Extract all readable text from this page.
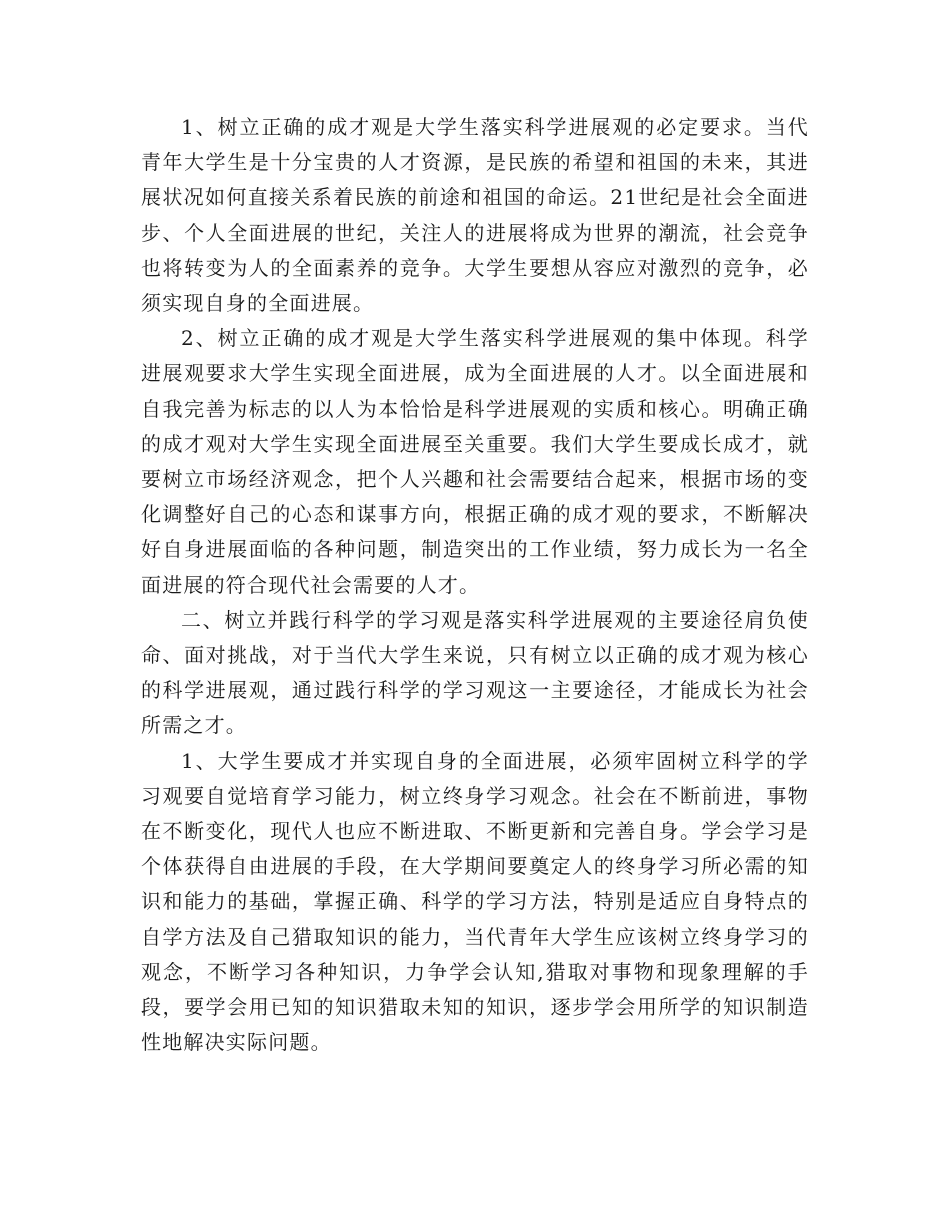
1、树立正确的成才观是大学生落实科学进展观的必定要求。当代青年大学生是十分宝贵的人才资源，是民族的希望和祖国的未来，其进展状况如何直接关系着民族的前途和祖国的命运。21世纪是社会全面进步、个人全面进展的世纪，关注人的进展将成为世界的潮流，社会竞争也将转变为人的全面素养的竞争。大学生要想从容应对激烈的竞争，必须实现自身的全面进展。

2、树立正确的成才观是大学生落实科学进展观的集中体现。科学进展观要求大学生实现全面进展，成为全面进展的人才。以全面进展和自我完善为标志的以人为本恰恰是科学进展观的实质和核心。明确正确的成才观对大学生实现全面进展至关重要。我们大学生要成长成才，就要树立市场经济观念，把个人兴趣和社会需要结合起来，根据市场的变化调整好自己的心态和谋事方向，根据正确的成才观的要求，不断解决好自身进展面临的各种问题，制造突出的工作业绩，努力成长为一名全面进展的符合现代社会需要的人才。

二、树立并践行科学的学习观是落实科学进展观的主要途径肩负使命、面对挑战，对于当代大学生来说，只有树立以正确的成才观为核心的科学进展观，通过践行科学的学习观这一主要途径，才能成长为社会所需之才。

1、大学生要成才并实现自身的全面进展，必须牢固树立科学的学习观要自觉培育学习能力，树立终身学习观念。社会在不断前进，事物在不断变化，现代人也应不断进取、不断更新和完善自身。学会学习是个体获得自由进展的手段，在大学期间要奠定人的终身学习所必需的知识和能力的基础，掌握正确、科学的学习方法，特别是适应自身特点的自学方法及自己猎取知识的能力，当代青年大学生应该树立终身学习的观念，不断学习各种知识，力争学会认知,猎取对事物和现象理解的手段，要学会用已知的知识猎取未知的知识，逐步学会用所学的知识制造性地解决实际问题。
